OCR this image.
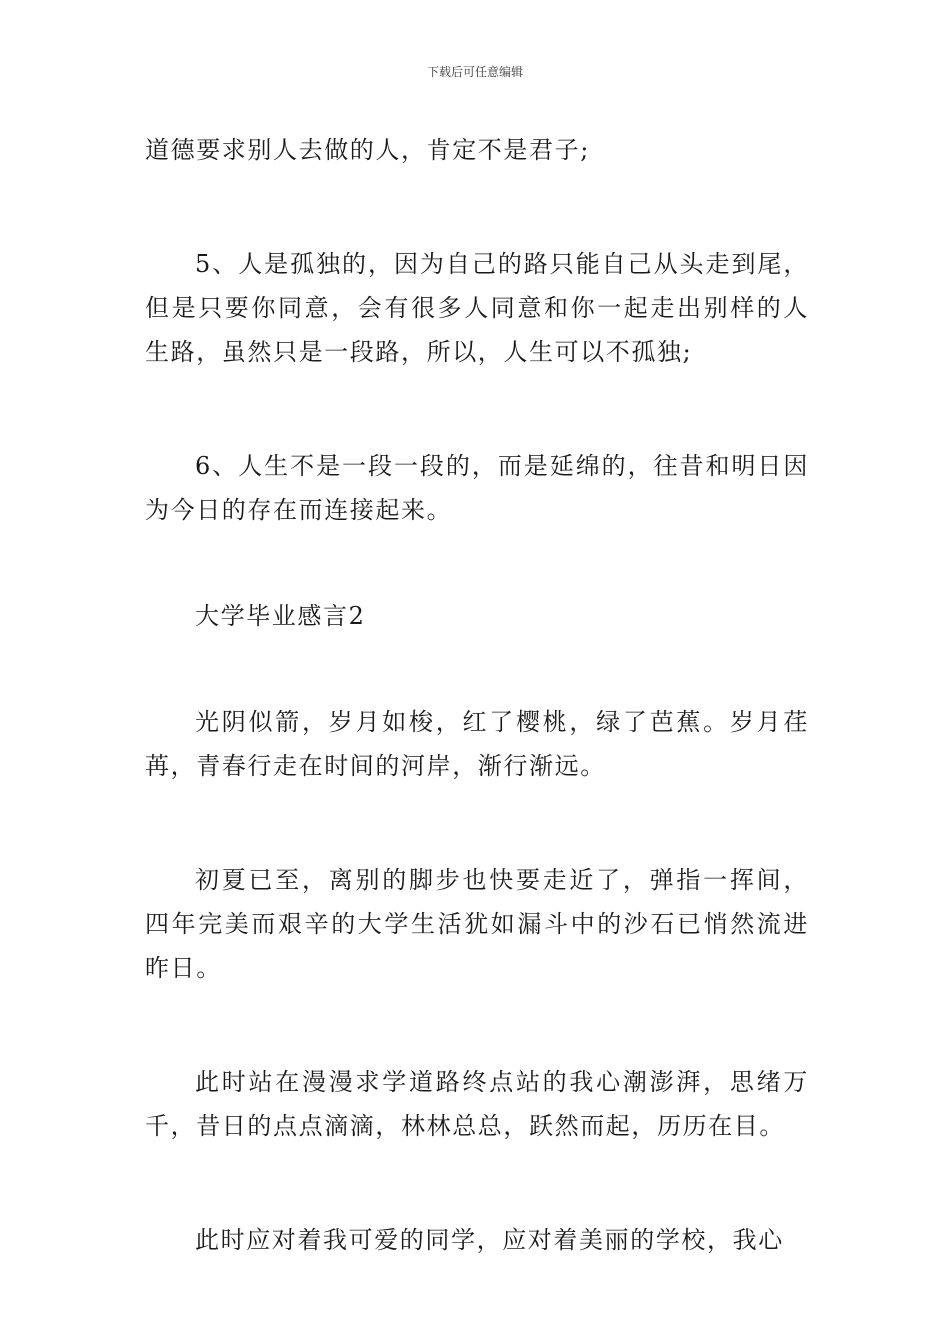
下载后可任意编辑

道德要求别人去做的人，肯定不是君子;

5、人是孤独的，因为自己的路只能自己从头走到尾，但是只要你同意，会有很多人同意和你一起走出别样的人生路，虽然只是一段路，所以，人生可以不孤独;

6、人生不是一段一段的，而是延绵的，往昔和明日因为今日的存在而连接起来。

大学毕业感言2

光阴似箭，岁月如梭，红了樱桃，绿了芭蕉。岁月荏苒，青春行走在时间的河岸，渐行渐远。

初夏已至，离别的脚步也快要走近了，弹指一挥间，四年完美而艰辛的大学生活犹如漏斗中的沙石已悄然流进昨日。

此时站在漫漫求学道路终点站的我心潮澎湃，思绪万千，昔日的点点滴滴，林林总总，跃然而起，历历在目。

此时应对着我可爱的同学，应对着美丽的学校，我心
